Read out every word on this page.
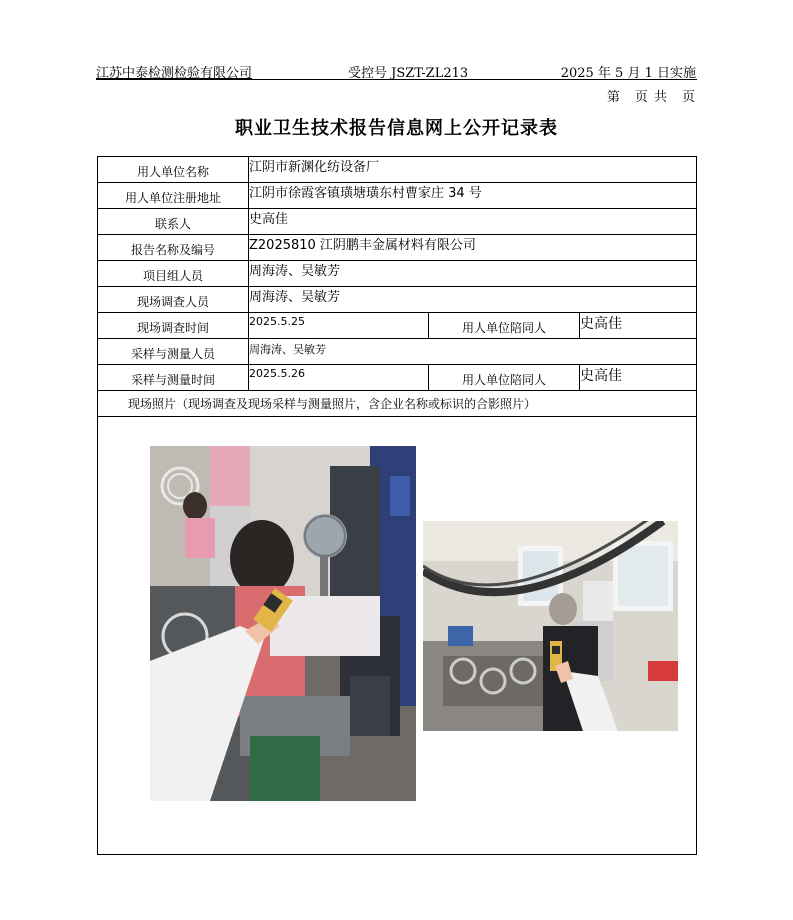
江苏中泰检测检验有限公司	受控号 JSZT-ZL213	2025 年 5 月 1 日实施
第　页 共　页
职业卫生技术报告信息网上公开记录表
用人单位名称	江阴市新渊化纺设备厂
用人单位注册地址	江阴市徐霞客镇璜塘璜东村曹家庄 34 号
联系人	史高佳
报告名称及编号	Z2025810 江阴鹏丰金属材料有限公司
项目组人员	周海涛、吴敏芳
现场调查人员	周海涛、吴敏芳
现场调查时间	2025.5.25	用人单位陪同人	史高佳
采样与测量人员	周海涛、吴敏芳
采样与测量时间	2025.5.26	用人单位陪同人	史高佳
现场照片（现场调查及现场采样与测量照片，含企业名称或标识的合影照片）
